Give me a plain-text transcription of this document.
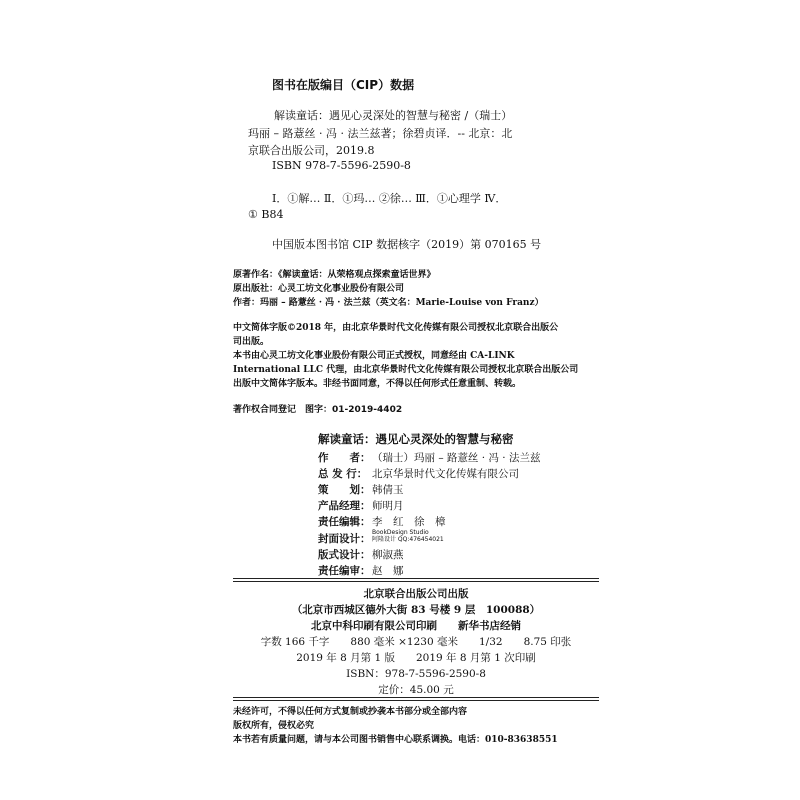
图书在版编目（CIP）数据
解读童话：遇见心灵深处的智慧与秘密 /（瑞士）
玛丽 – 路薏丝 · 冯 · 法兰兹著；徐碧贞译．-- 北京：北
京联合出版公司，2019.8
ISBN 978-7-5596-2590-8
Ⅰ．①解… Ⅱ．①玛… ②徐… Ⅲ．①心理学 Ⅳ．
① B84
中国版本图书馆 CIP 数据核字（2019）第 070165 号
原著作名：《解读童话：从荣格观点探索童话世界》
原出版社：心灵工坊文化事业股份有限公司
作者：玛丽 – 路薏丝 · 冯 · 法兰兹（英文名：Marie-Louise von Franz）
中文简体字版©2018 年，由北京华景时代文化传媒有限公司授权北京联合出版公
司出版。
本书由心灵工坊文化事业股份有限公司正式授权，同意经由 CA-LINK
International LLC 代理，由北京华景时代文化传媒有限公司授权北京联合出版公司
出版中文简体字版本。非经书面同意，不得以任何形式任意重制、转载。
著作权合同登记　图字：01-2019-4402
解读童话：遇见心灵深处的智慧与秘密
作　　者： （瑞士）玛丽 – 路薏丝 · 冯 · 法兰兹
总 发 行： 北京华景时代文化传媒有限公司
策　　划： 韩倩玉
产品经理： 师明月
责任编辑： 李　红　徐　樟
封面设计：
BookDesign Studio
阿隆设计 QQ:476454021
版式设计： 柳淑燕
责任编审： 赵　娜
北京联合出版公司出版
（北京市西城区德外大街 83 号楼 9 层　100088）
北京中科印刷有限公司印刷　　新华书店经销
字数 166 千字　　880 毫米 ×1230 毫米　　1/32　　8.75 印张
2019 年 8 月第 1 版　　2019 年 8 月第 1 次印刷
ISBN：978-7-5596-2590-8
定价：45.00 元
未经许可，不得以任何方式复制或抄袭本书部分或全部内容
版权所有，侵权必究
本书若有质量问题，请与本公司图书销售中心联系调换。电话：010-83638551
